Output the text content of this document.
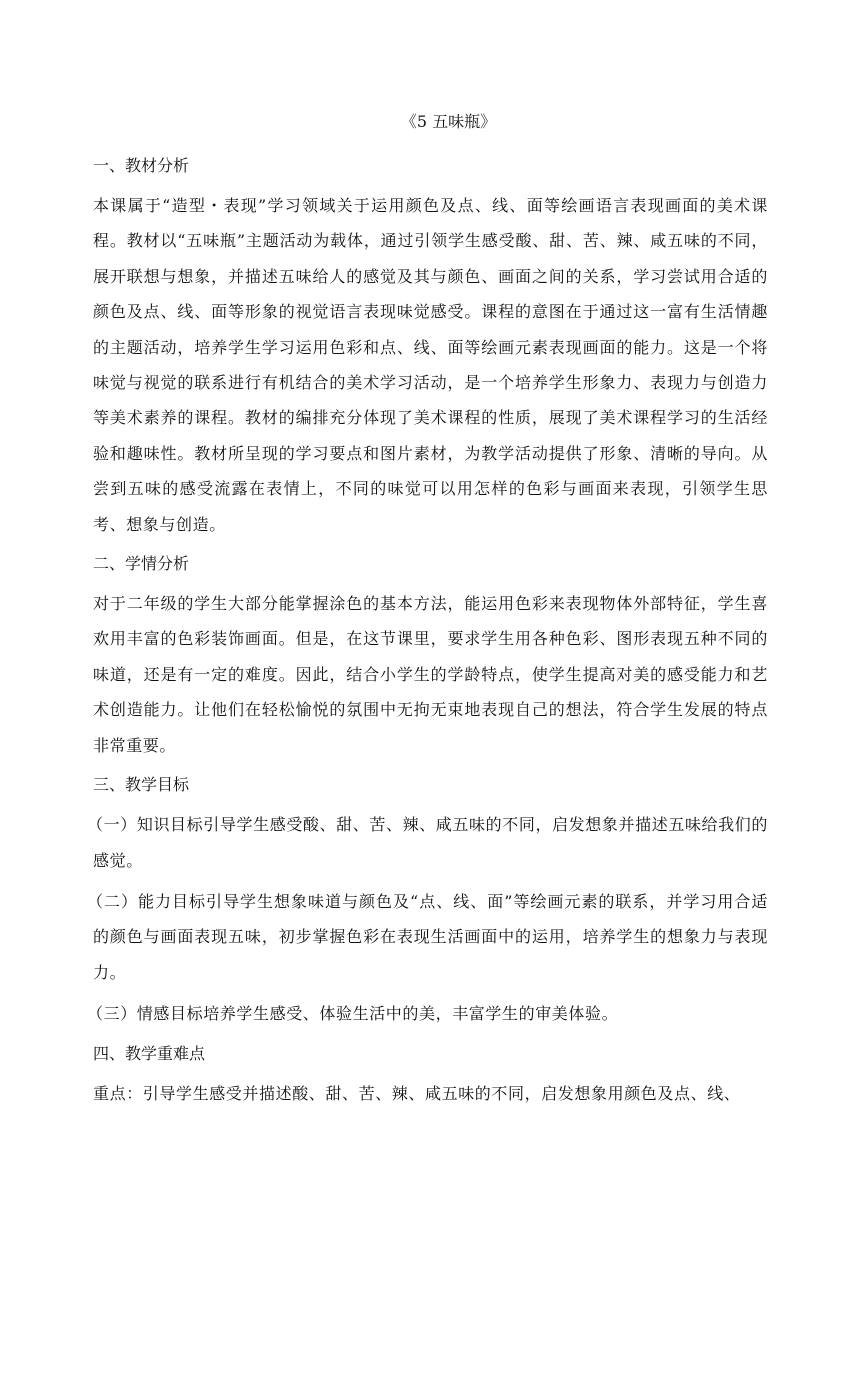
《5 五味瓶》
一、教材分析

本课属于“造型・表现”学习领域关于运用颜色及点、线、面等绘画语言表现画面的美术课程。教材以“五味瓶”主题活动为载体，通过引领学生感受酸、甜、苦、辣、咸五味的不同，展开联想与想象，并描述五味给人的感觉及其与颜色、画面之间的关系，学习尝试用合适的颜色及点、线、面等形象的视觉语言表现味觉感受。课程的意图在于通过这一富有生活情趣的主题活动，培养学生学习运用色彩和点、线、面等绘画元素表现画面的能力。这是一个将味觉与视觉的联系进行有机结合的美术学习活动，是一个培养学生形象力、表现力与创造力等美术素养的课程。教材的编排充分体现了美术课程的性质，展现了美术课程学习的生活经验和趣味性。教材所呈现的学习要点和图片素材，为教学活动提供了形象、清晰的导向。从尝到五味的感受流露在表情上，不同的味觉可以用怎样的色彩与画面来表现，引领学生思考、想象与创造。

二、学情分析

对于二年级的学生大部分能掌握涂色的基本方法，能运用色彩来表现物体外部特征，学生喜欢用丰富的色彩装饰画面。但是，在这节课里，要求学生用各种色彩、图形表现五种不同的味道，还是有一定的难度。因此，结合小学生的学龄特点，使学生提高对美的感受能力和艺术创造能力。让他们在轻松愉悦的氛围中无拘无束地表现自己的想法，符合学生发展的特点非常重要。

三、教学目标

（一）知识目标引导学生感受酸、甜、苦、辣、咸五味的不同，启发想象并描述五味给我们的感觉。

（二）能力目标引导学生想象味道与颜色及“点、线、面”等绘画元素的联系，并学习用合适的颜色与画面表现五味，初步掌握色彩在表现生活画面中的运用，培养学生的想象力与表现力。

（三）情感目标培养学生感受、体验生活中的美，丰富学生的审美体验。

四、教学重难点

重点：引导学生感受并描述酸、甜、苦、辣、咸五味的不同，启发想象用颜色及点、线、
